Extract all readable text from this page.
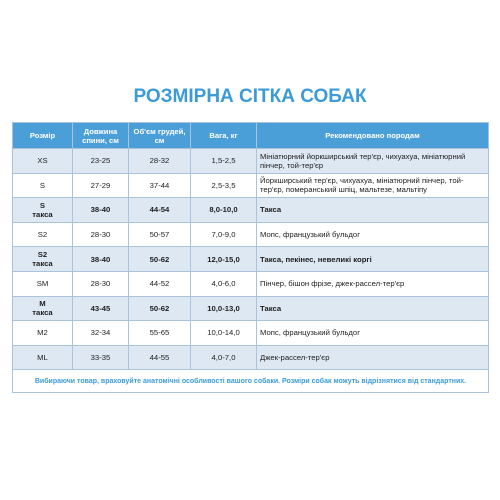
РОЗМІРНА СІТКА СОБАК
Розмір	Довжина спини, см	Об'єм грудей, см	Вага, кг	Рекомендовано породам

XS	23-25	28-32	1,5-2,5	Мініатюрний йоркширський тер'єр, чихуахуа, мініатюрний пінчер, той-тер'єр

S	27-29	37-44	2,5-3,5	Йоркширський тер'єр, чихуахуа, мініатюрний пінчер, той-тер'єр, померанський шпіц, мальтезе, мальтіпу

S
такса	38-40	44-54	8,0-10,0	Такса

S2	28-30	50-57	7,0-9,0	Мопс, французький бульдог

S2
такса	38-40	50-62	12,0-15,0	Такса, пекінес, невеликі коргі

SM	28-30	44-52	4,0-6,0	Пінчер, бішон фрізе, джек-рассел-тер'єр

M
такса	43-45	50-62	10,0-13,0	Такса

M2	32-34	55-65	10,0-14,0	Мопс, французький бульдог

ML	33-35	44-55	4,0-7,0	Джек-рассел-тер'єр
Вибираючи товар, враховуйте анатомічні особливості вашого собаки. Розміри собак можуть відрізнятися від стандартних.				
